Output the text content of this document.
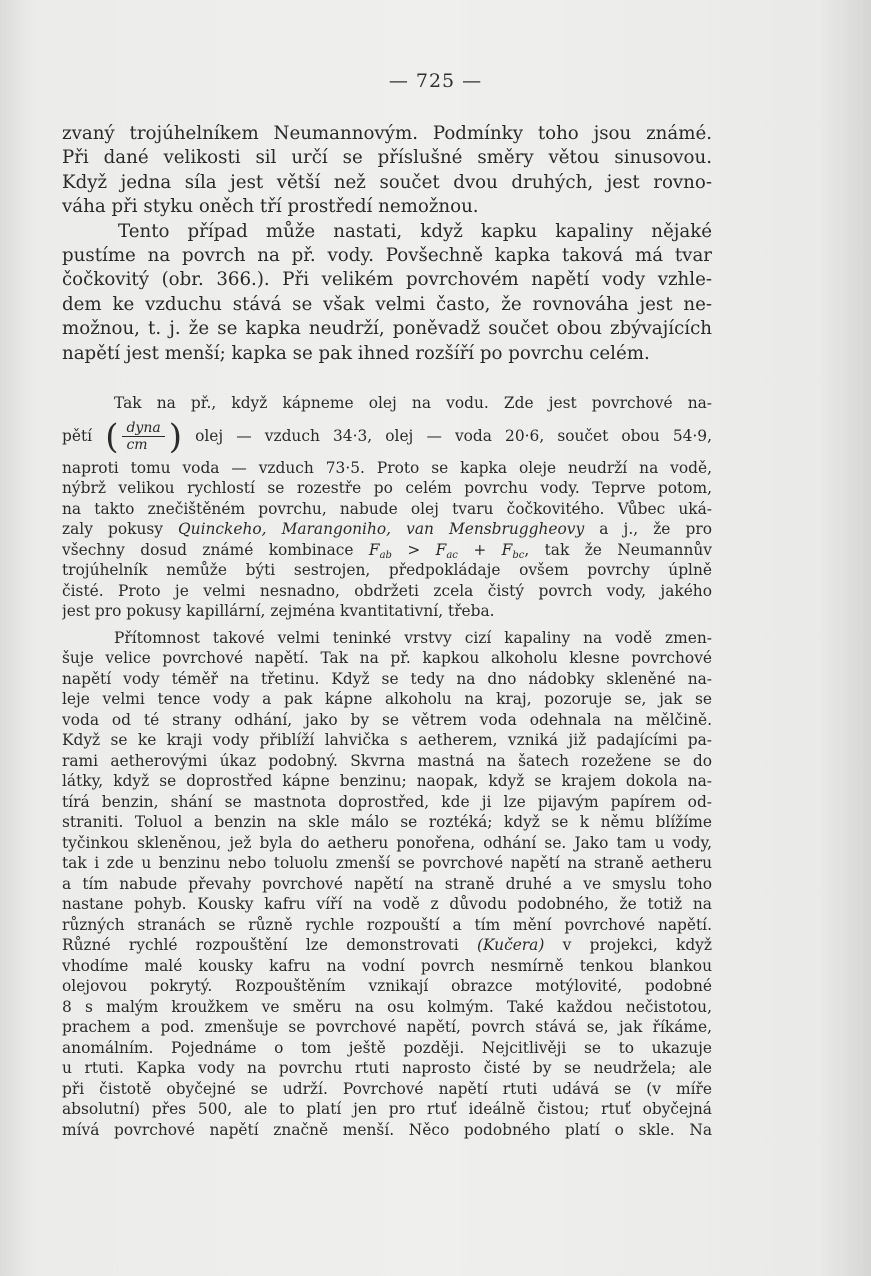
— 725 —
zvaný trojúhelníkem Neumannovým. Podmínky toho jsou známé.
Při dané velikosti sil určí se příslušné směry větou sinusovou.
Když jedna síla jest větší než součet dvou druhých, jest rovno-
váha při styku oněch tří prostředí nemožnou.
Tento případ může nastati, když kapku kapaliny nějaké
pustíme na povrch na př. vody. Povšechně kapka taková má tvar
čočkovitý (obr. 366.). Při velikém povrchovém napětí vody vzhle-
dem ke vzduchu stává se však velmi často, že rovnováha jest ne-
možnou, t. j. že se kapka neudrží, poněvadž součet obou zbývajících
napětí jest menší; kapka se pak ihned rozšíří po povrchu celém.
Tak na př., když kápneme olej na vodu. Zde jest povrchové na-
pětí ( $\frac{\text{dyna}}{cm}$ ) olej — vzduch 34·3, olej — voda 20·6, součet obou 54·9,
naproti tomu voda — vzduch 73·5. Proto se kapka oleje neudrží na vodě,
nýbrž velikou rychlostí se rozestře po celém povrchu vody. Teprve potom,
na takto znečištěném povrchu, nabude olej tvaru čočkovitého. Vůbec uká-
zaly pokusy Quinckeho, Marangoniho, van Mensbruggheovy a j., že pro
všechny dosud známé kombinace Fab > Fac + Fbc, tak že Neumannův
trojúhelník nemůže býti sestrojen, předpokládaje ovšem povrchy úplně
čisté. Proto je velmi nesnadno, obdržeti zcela čistý povrch vody, jakého
jest pro pokusy kapillární, zejména kvantitativní, třeba.
Přítomnost takové velmi teninké vrstvy cizí kapaliny na vodě zmen-
šuje velice povrchové napětí. Tak na př. kapkou alkoholu klesne povrchové
napětí vody téměř na třetinu. Když se tedy na dno nádobky skleněné na-
leje velmi tence vody a pak kápne alkoholu na kraj, pozoruje se, jak se
voda od té strany odhání, jako by se větrem voda odehnala na mělčině.
Když se ke kraji vody přiblíží lahvička s aetherem, vzniká již padajícími pa-
rami aetherovými úkaz podobný. Skvrna mastná na šatech rozežene se do
látky, když se doprostřed kápne benzinu; naopak, když se krajem dokola na-
tírá benzin, shání se mastnota doprostřed, kde ji lze pijavým papírem od-
straniti. Toluol a benzin na skle málo se roztéká; když se k němu blížíme
tyčinkou skleněnou, jež byla do aetheru ponořena, odhání se. Jako tam u vody,
tak i zde u benzinu nebo toluolu zmenší se povrchové napětí na straně aetheru
a tím nabude převahy povrchové napětí na straně druhé a ve smyslu toho
nastane pohyb. Kousky kafru víří na vodě z důvodu podobného, že totiž na
různých stranách se různě rychle rozpouští a tím mění povrchové napětí.
Různé rychlé rozpouštění lze demonstrovati (Kučera) v projekci, když
vhodíme malé kousky kafru na vodní povrch nesmírně tenkou blankou
olejovou pokrytý. Rozpouštěním vznikají obrazce motýlovité, podobné
8 s malým kroužkem ve směru na osu kolmým. Také každou nečistotou,
prachem a pod. zmenšuje se povrchové napětí, povrch stává se, jak říkáme,
anomálním. Pojednáme o tom ještě později. Nejcitlivěji se to ukazuje
u rtuti. Kapka vody na povrchu rtuti naprosto čisté by se neudržela; ale
při čistotě obyčejné se udrží. Povrchové napětí rtuti udává se (v míře
absolutní) přes 500, ale to platí jen pro rtuť ideálně čistou; rtuť obyčejná
mívá povrchové napětí značně menší. Něco podobného platí o skle. Na
